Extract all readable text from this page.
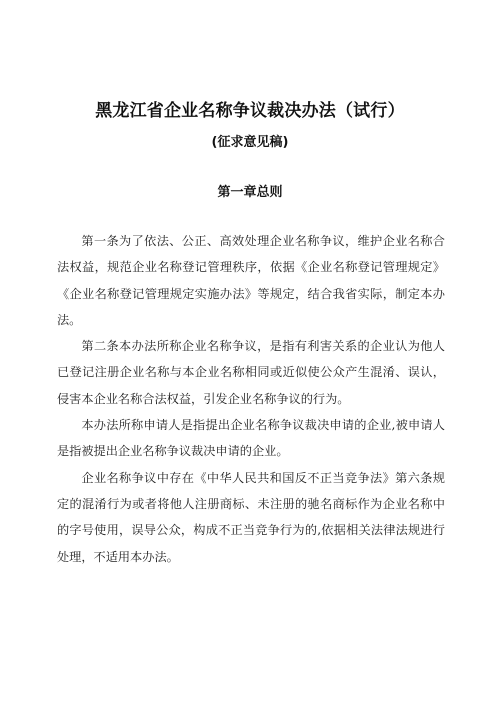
黑龙江省企业名称争议裁决办法（试行）
(征求意见稿)
第一章总则

第一条为了依法、公正、高效处理企业名称争议，维护企业名称合法权益，规范企业名称登记管理秩序，依据《企业名称登记管理规定》《企业名称登记管理规定实施办法》等规定，结合我省实际，制定本办法。

第二条本办法所称企业名称争议，是指有利害关系的企业认为他人已登记注册企业名称与本企业名称相同或近似使公众产生混淆、误认，侵害本企业名称合法权益，引发企业名称争议的行为。

本办法所称申请人是指提出企业名称争议裁决申请的企业,被申请人是指被提出企业名称争议裁决申请的企业。

企业名称争议中存在《中华人民共和国反不正当竞争法》第六条规定的混淆行为或者将他人注册商标、未注册的驰名商标作为企业名称中的字号使用，误导公众，构成不正当竞争行为的,依据相关法律法规进行处理，不适用本办法。
